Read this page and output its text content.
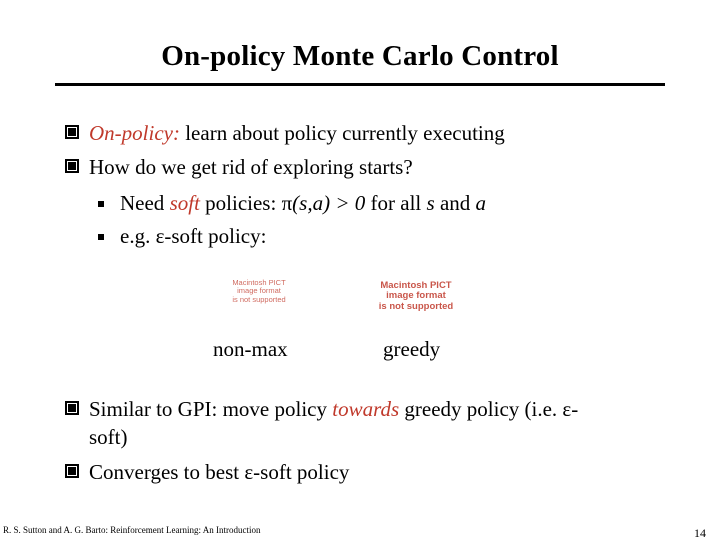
On-policy Monte Carlo Control
On-policy: learn about policy currently executing
How do we get rid of exploring starts?
Need soft policies: π(s,a) > 0 for all s and a
e.g. ε-soft policy:
Macintosh PICT
image format
is not supported
Macintosh PICT
image format
is not supported
non-max	greedy
Similar to GPI: move policy towards greedy policy (i.e. ε-
soft)
Converges to best ε-soft policy
R. S. Sutton and A. G. Barto: Reinforcement Learning: An Introduction	14
